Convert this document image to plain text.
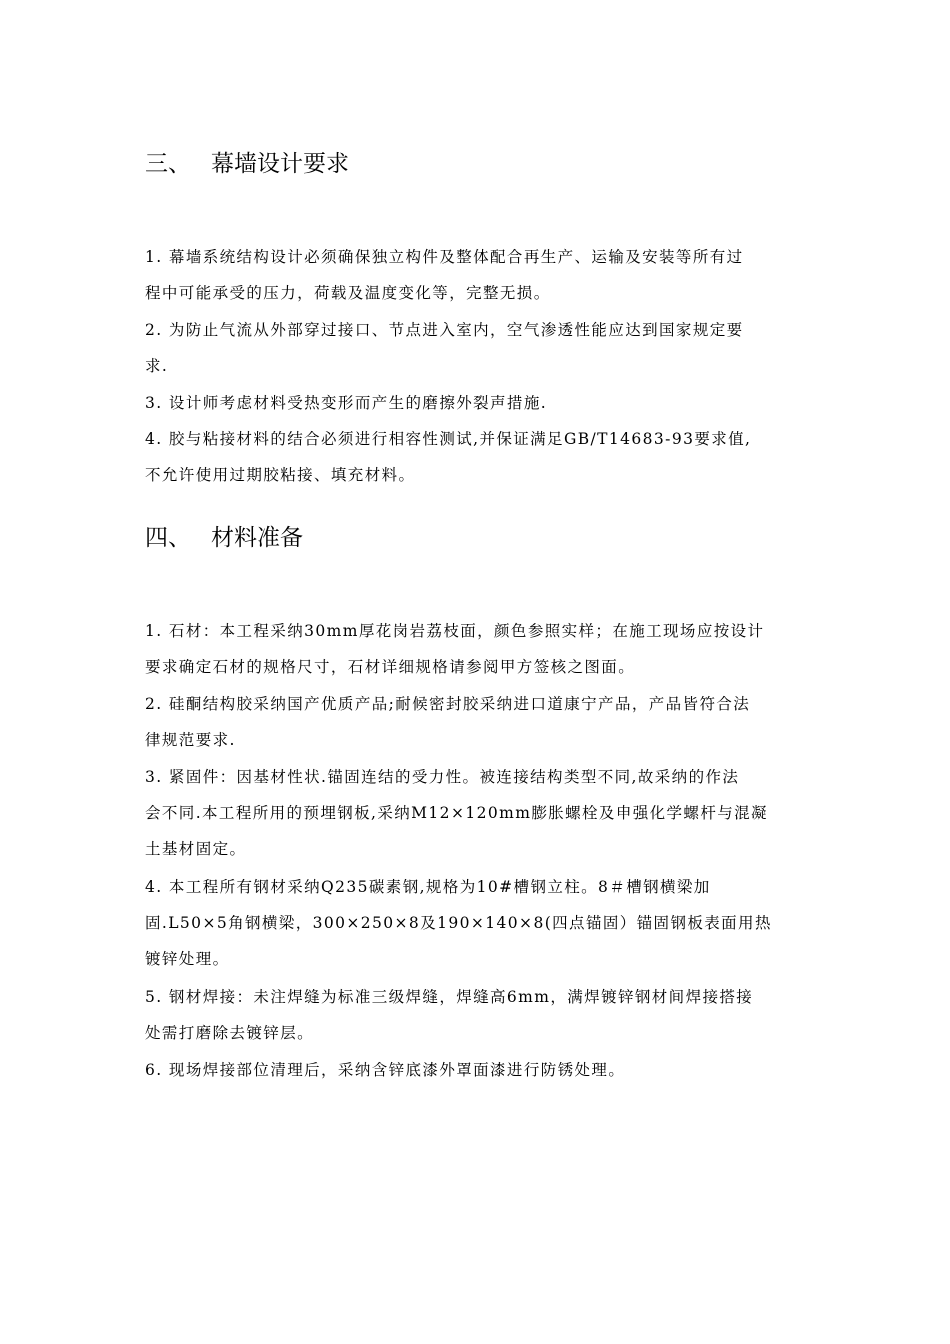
三、 幕墙设计要求
1. 幕墙系统结构设计必须确保独立构件及整体配合再生产、运输及安装等所有过
程中可能承受的压力，荷载及温度变化等，完整无损。
2. 为防止气流从外部穿过接口、节点进入室内，空气渗透性能应达到国家规定要
求.
3. 设计师考虑材料受热变形而产生的磨擦外裂声措施.
4. 胶与粘接材料的结合必须进行相容性测试,并保证满足GB/T14683-93要求值,
不允许使用过期胶粘接、填充材料。
四、 材料准备
1. 石材：本工程采纳30mm厚花岗岩荔枝面，颜色参照实样；在施工现场应按设计
要求确定石材的规格尺寸，石材详细规格请参阅甲方签核之图面。
2. 硅酮结构胶采纳国产优质产品;耐候密封胶采纳进口道康宁产品，产品皆符合法
律规范要求.
3. 紧固件：因基材性状.锚固连结的受力性。被连接结构类型不同,故采纳的作法
会不同.本工程所用的预埋钢板,采纳M12×120mm膨胀螺栓及申强化学螺杆与混凝
土基材固定。
4. 本工程所有钢材采纳Q235碳素钢,规格为10#槽钢立柱。8＃槽钢横梁加
固.L50×5角钢横梁，300×250×8及190×140×8(四点锚固）锚固钢板表面用热
镀锌处理。
5. 钢材焊接：未注焊缝为标准三级焊缝，焊缝高6mm，满焊镀锌钢材间焊接搭接
处需打磨除去镀锌层。
6. 现场焊接部位清理后，采纳含锌底漆外罩面漆进行防锈处理。
